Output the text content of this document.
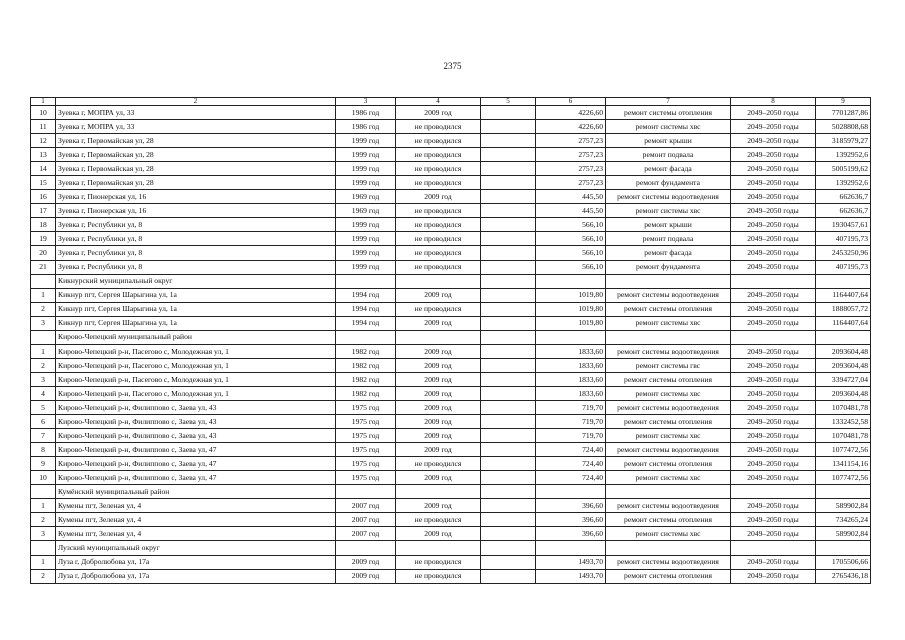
2375
1	2	3	4	5	6	7	8	9
10	Зуевка г, МОПРА ул, 33	1986 год	2009 год		4226,60	ремонт системы отопления	2049–2050 годы	7701287,86
11	Зуевка г, МОПРА ул, 33	1986 год	не проводился		4226,60	ремонт системы хвс	2049–2050 годы	5028808,68
12	Зуевка г, Первомайская ул, 28	1999 год	не проводился		2757,23	ремонт крыши	2049–2050 годы	3185979,27
13	Зуевка г, Первомайская ул, 28	1999 год	не проводился		2757,23	ремонт подвала	2049–2050 годы	1392952,6
14	Зуевка г, Первомайская ул, 28	1999 год	не проводился		2757,23	ремонт фасада	2049–2050 годы	5005199,62
15	Зуевка г, Первомайская ул, 28	1999 год	не проводился		2757,23	ремонт фундамента	2049–2050 годы	1392952,6
16	Зуевка г, Пионерская ул, 16	1969 год	2009 год		445,50	ремонт системы водоотведения	2049–2050 годы	662636,7
17	Зуевка г, Пионерская ул, 16	1969 год	не проводился		445,50	ремонт системы хвс	2049–2050 годы	662636,7
18	Зуевка г, Республики ул, 8	1999 год	не проводился		566,10	ремонт крыши	2049–2050 годы	1930457,61
19	Зуевка г, Республики ул, 8	1999 год	не проводился		566,10	ремонт подвала	2049–2050 годы	407195,73
20	Зуевка г, Республики ул, 8	1999 год	не проводился		566,10	ремонт фасада	2049–2050 годы	2453250,96
21	Зуевка г, Республики ул, 8	1999 год	не проводился		566,10	ремонт фундамента	2049–2050 годы	407195,73
	Кикнурский муниципальный округ							
1	Кикнур пгт, Сергея Шарыгина ул, 1а	1994 год	2009 год		1019,80	ремонт системы водоотведения	2049–2050 годы	1164407,64
2	Кикнур пгт, Сергея Шарыгина ул, 1а	1994 год	не проводился		1019,80	ремонт системы отопления	2049–2050 годы	1888057,72
3	Кикнур пгт, Сергея Шарыгина ул, 1а	1994 год	2009 год		1019,80	ремонт системы хвс	2049–2050 годы	1164407,64
	Кирово-Чепецкий муниципальный район							
1	Кирово-Чепецкий р-н, Пасегово с, Молодежная ул, 1	1982 год	2009 год		1833,60	ремонт системы водоотведения	2049–2050 годы	2093604,48
2	Кирово-Чепецкий р-н, Пасегово с, Молодежная ул, 1	1982 год	2009 год		1833,60	ремонт системы гвс	2049–2050 годы	2093604,48
3	Кирово-Чепецкий р-н, Пасегово с, Молодежная ул, 1	1982 год	2009 год		1833,60	ремонт системы отопления	2049–2050 годы	3394727,04
4	Кирово-Чепецкий р-н, Пасегово с, Молодежная ул, 1	1982 год	2009 год		1833,60	ремонт системы хвс	2049–2050 годы	2093604,48
5	Кирово-Чепецкий р-н, Филиппово с, Заева ул, 43	1975 год	2009 год		719,70	ремонт системы водоотведения	2049–2050 годы	1070481,78
6	Кирово-Чепецкий р-н, Филиппово с, Заева ул, 43	1975 год	2009 год		719,70	ремонт системы отопления	2049–2050 годы	1332452,58
7	Кирово-Чепецкий р-н, Филиппово с, Заева ул, 43	1975 год	2009 год		719,70	ремонт системы хвс	2049–2050 годы	1070481,78
8	Кирово-Чепецкий р-н, Филиппово с, Заева ул, 47	1975 год	2009 год		724,40	ремонт системы водоотведения	2049–2050 годы	1077472,56
9	Кирово-Чепецкий р-н, Филиппово с, Заева ул, 47	1975 год	не проводился		724,40	ремонт системы отопления	2049–2050 годы	1341154,16
10	Кирово-Чепецкий р-н, Филиппово с, Заева ул, 47	1975 год	2009 год		724,40	ремонт системы хвс	2049–2050 годы	1077472,56
	Кумёнский муниципальный район							
1	Кумены пгт, Зеленая ул, 4	2007 год	2009 год		396,60	ремонт системы водоотведения	2049–2050 годы	589902,84
2	Кумены пгт, Зеленая ул, 4	2007 год	не проводился		396,60	ремонт системы отопления	2049–2050 годы	734265,24
3	Кумены пгт, Зеленая ул, 4	2007 год	2009 год		396,60	ремонт системы хвс	2049–2050 годы	589902,84
	Лузский муниципальный округ							
1	Луза г, Добролюбова ул, 17а	2009 год	не проводился		1493,70	ремонт системы водоотведения	2049–2050 годы	1705506,66
2	Луза г, Добролюбова ул, 17а	2009 год	не проводился		1493,70	ремонт системы отопления	2049–2050 годы	2765436,18
